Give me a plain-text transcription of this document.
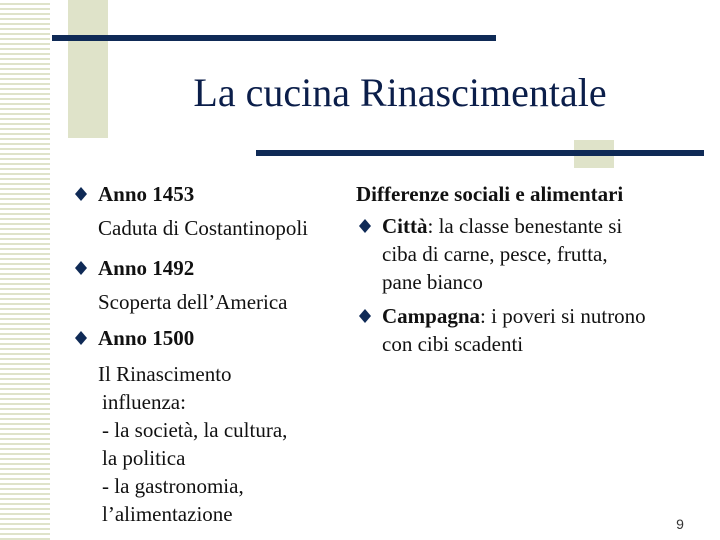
La cucina Rinascimentale
Anno 1453
Caduta di Costantinopoli
Anno 1492
Scoperta dell’America
Anno 1500
Il Rinascimento
influenza:
- la società, la cultura,
la politica
- la gastronomia,
l’alimentazione
Differenze sociali e alimentari
Città: la classe benestante si
ciba di carne, pesce, frutta,
pane bianco
Campagna: i poveri si nutrono
con cibi scadenti
9
